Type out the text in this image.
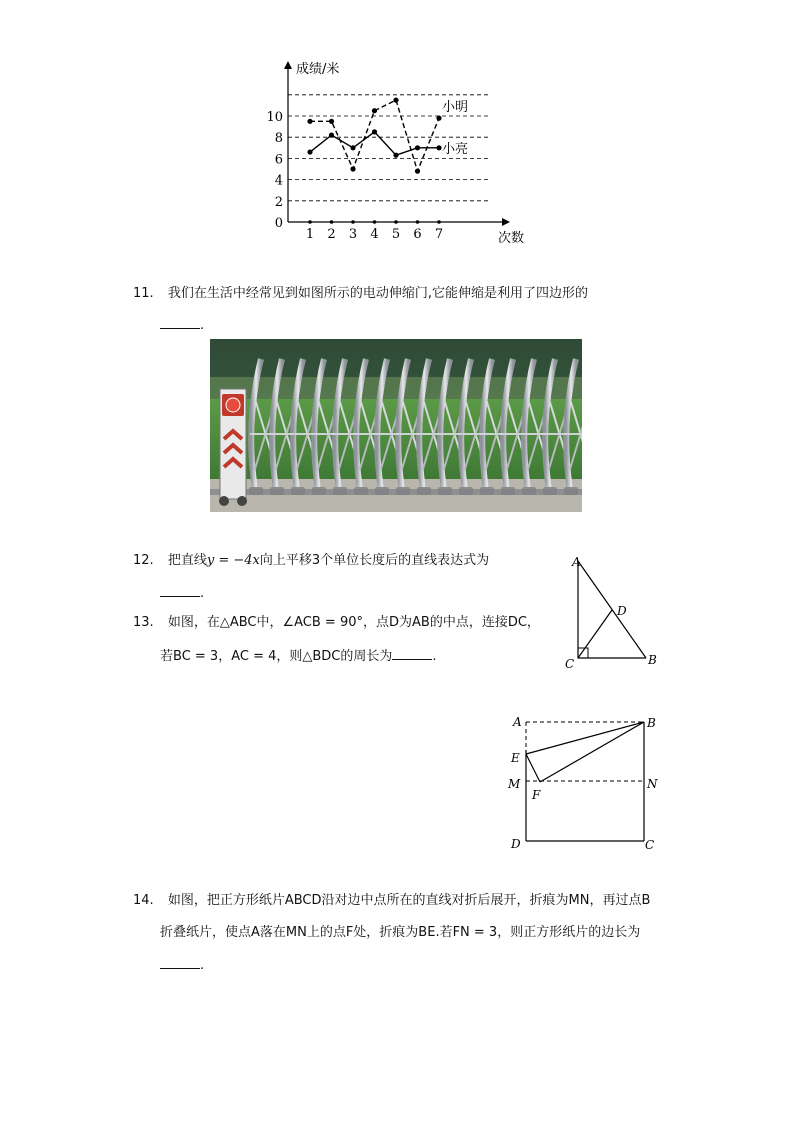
成绩/米
次数
0
2
4
6
8
10
1 2 3 4 5 6 7
小明
小亮
11. 我们在生活中经常见到如图所示的电动伸缩门,它能伸缩是利用了四边形的
.
12. 把直线y = −4x向上平移3个单位长度后的直线表达式为
.
13. 如图，在△ABC中，∠ACB = 90°，点D为AB的中点，连接DC，
若BC = 3，AC = 4，则△BDC的周长为	.
A
D
C	B
A	B
E
M
F
N
D	C
14. 如图，把正方形纸片ABCD沿对边中点所在的直线对折后展开，折痕为MN，再过点B
折叠纸片，使点A落在MN上的点F处，折痕为BE.若FN = 3，则正方形纸片的边长为
.
